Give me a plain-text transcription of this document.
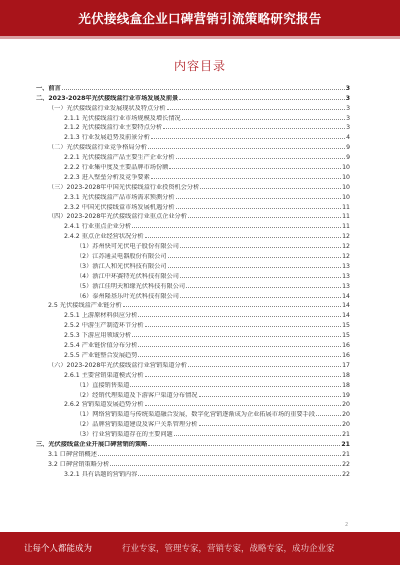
光伏接线盒企业口碑营销引流策略研究报告
内容目录
一、前言	3
二、2023-2028年光伏接线盒行业市场发展及前景	3
（一）光伏接线盒行业发展现状及特点分析	3
2.1.1 光伏接线盒行业市场规模及增长情况	3
2.1.2 光伏接线盒行业主要特点分析	3
2.1.3 行业发展趋势及前景分析	4
（二）光伏接线盒行业竞争格局分析	9
2.2.1 光伏接线盒产品主要生产企业分析	9
2.2.2 行业集中度及主要品牌市场份额	10
2.2.3 进入壁垒分析及竞争要素	10
（三）2023-2028年中国光伏接线盒行业投资机会分析	10
2.3.1 光伏接线盒产品市场需求预测分析	10
2.3.2 中国光伏接线盒市场发展机遇分析	11
（四）2023-2028年光伏接线盒行业重点企业分析	11
2.4.1 行业重点企业分析	11
2.4.2 重点企业经营状况分析	12
（1）苏州快可光伏电子股份有限公司	12
（2）江苏通灵电器股份有限公司	12
（3）浙江人和光伏科技有限公司	13
（4）浙江中环赛特光伏科技有限公司	13
（5）浙江佳明天和缘光伏科技有限公司	13
（6）泰州隆基乐叶光伏科技有限公司	14
2.5 光伏接线盒产业链分析	14
2.5.1 上游原材料供应分析	14
2.5.2 中游生产制造环节分析	15
2.5.3 下游应用领域分析	15
2.5.4 产业链价值分布分析	16
2.5.5 产业链整合发展趋势	16
（六）2023-2028年光伏接线盒行业营销渠道分析	17
2.6.1 主要营销渠道模式分析	18
（1）直接销售渠道	18
（2）经销代理渠道及下游客户渠道分布情况	19
2.6.2 营销渠道发展趋势分析	20
（1）网络营销渠道与传统渠道融合发展，数字化营销逐渐成为企业拓展市场的重要手段	20
（2）品牌营销渠道建设及客户关系管理分析	20
（3）行业营销渠道存在的主要问题	21
三、光伏接线盒企业开展口碑营销的策略	21
3.1 口碑营销概述	21
3.2 口碑营销策略分析	22
3.2.1 具有话题的营销内容	22
2
让每个人都能成为	行业专家，管理专家，营销专家，战略专家，成功企业家
